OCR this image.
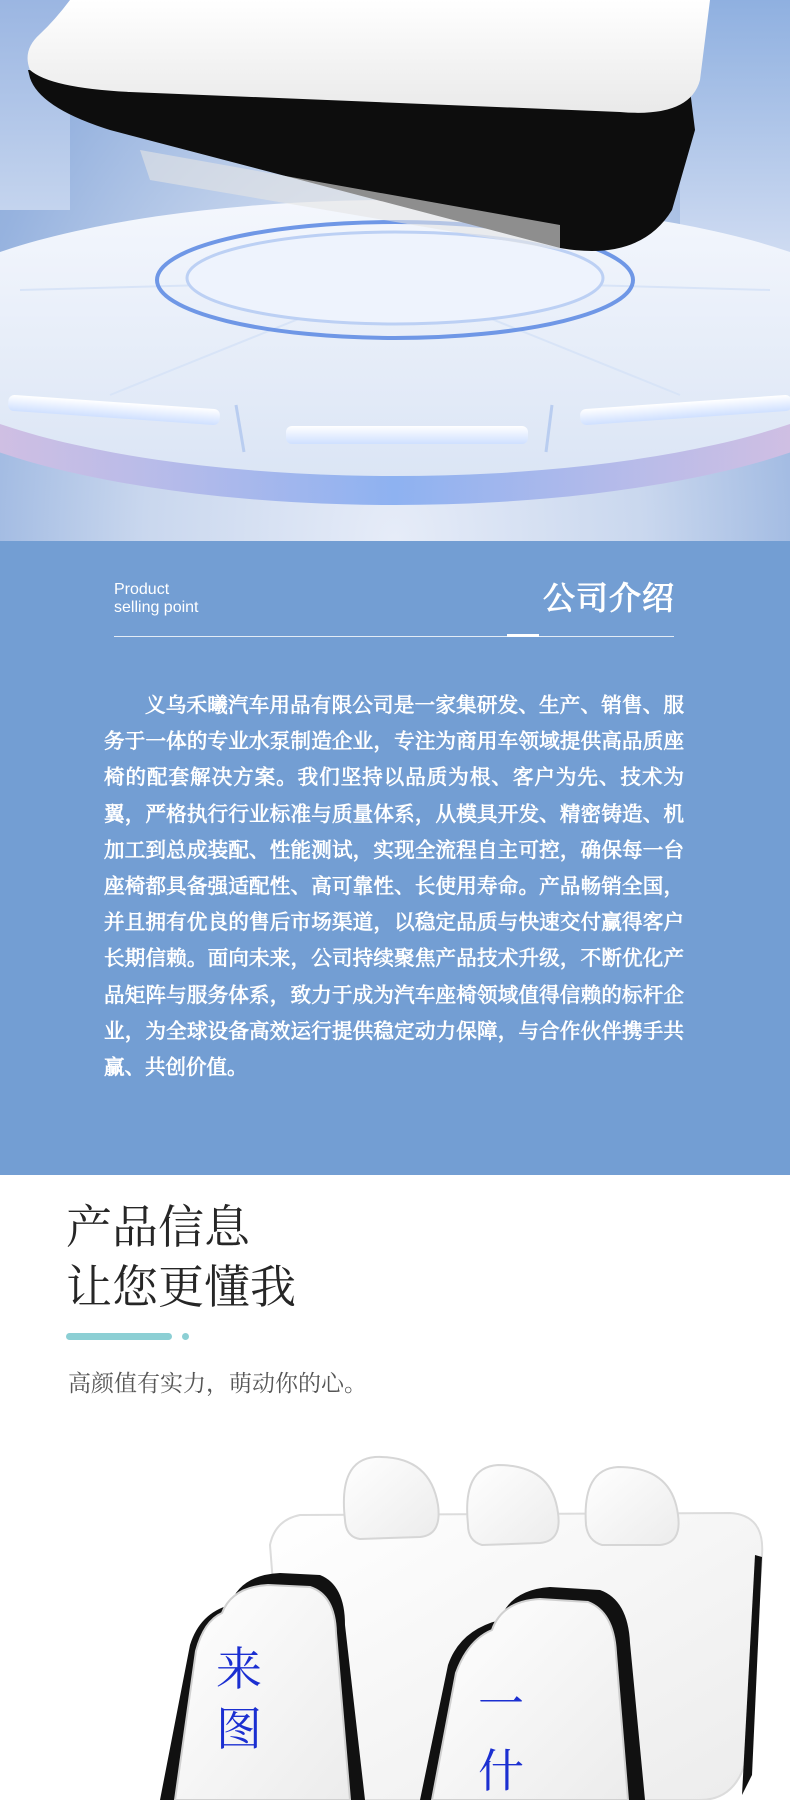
Product
selling point	公司介绍

义乌禾曦汽车用品有限公司是一家集研发、生产、销售、服务于一体的专业水泵制造企业，专注为商用车领域提供高品质座椅的配套解决方案。我们坚持以品质为根、客户为先、技术为翼，严格执行行业标准与质量体系，从模具开发、精密铸造、机加工到总成装配、性能测试，实现全流程自主可控，确保每一台座椅都具备强适配性、高可靠性、长使用寿命。产品畅销全国，并且拥有优良的售后市场渠道，以稳定品质与快速交付赢得客户长期信赖。面向未来，公司持续聚焦产品技术升级，不断优化产品矩阵与服务体系，致力于成为汽车座椅领域值得信赖的标杆企业，为全球设备高效运行提供稳定动力保障，与合作伙伴携手共赢、共创价值。

产品信息
让您更懂我
高颜值有实力，萌动你的心。
来
图	一
什
